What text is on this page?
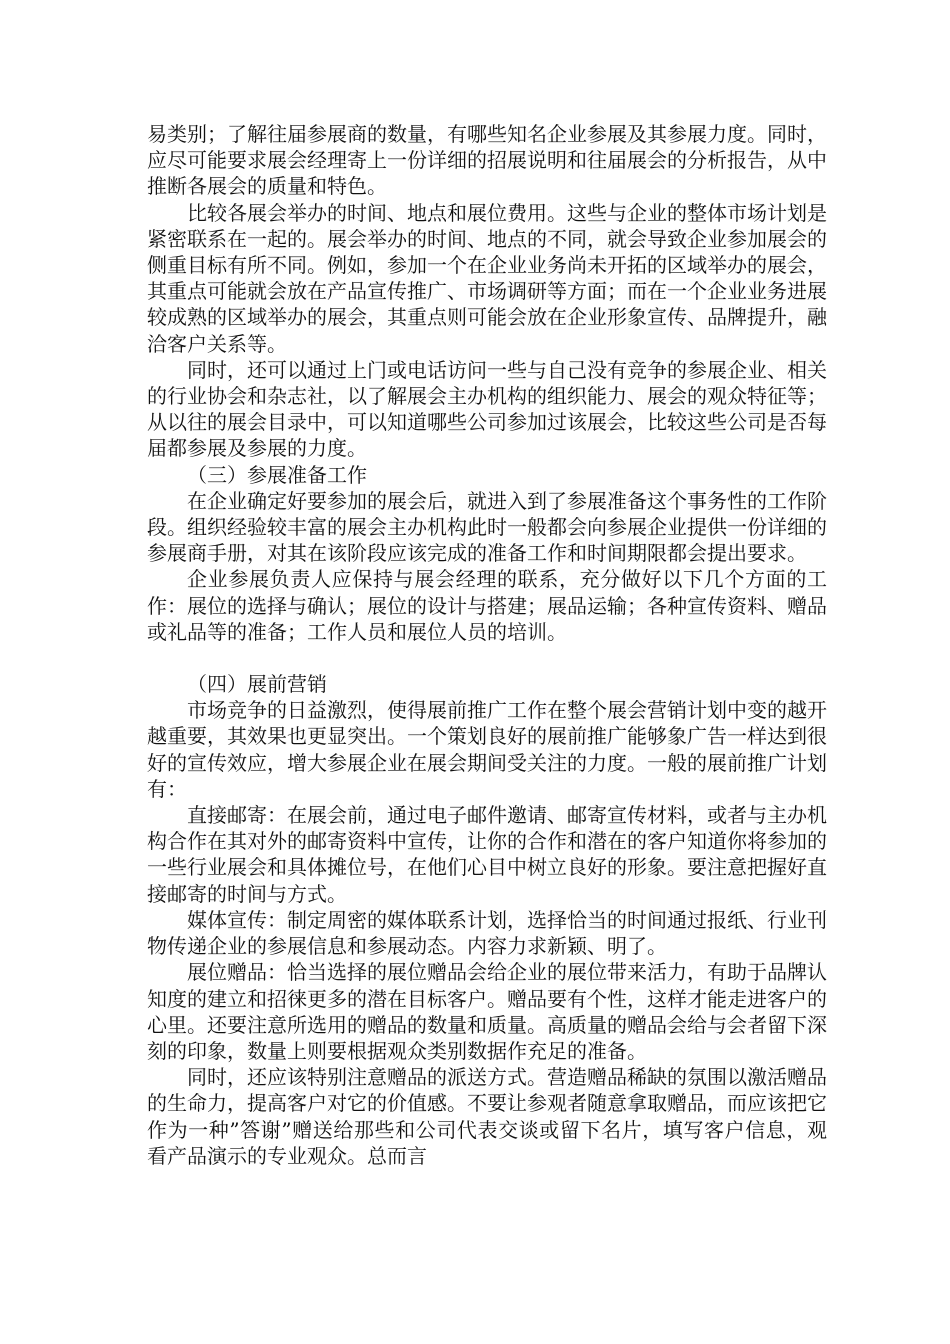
易类别；了解往届参展商的数量，有哪些知名企业参展及其参展力度。同时，应尽可能要求展会经理寄上一份详细的招展说明和往届展会的分析报告，从中推断各展会的质量和特色。

比较各展会举办的时间、地点和展位费用。这些与企业的整体市场计划是紧密联系在一起的。展会举办的时间、地点的不同，就会导致企业参加展会的侧重目标有所不同。例如，参加一个在企业业务尚未开拓的区域举办的展会，其重点可能就会放在产品宣传推广、市场调研等方面；而在一个企业业务进展较成熟的区域举办的展会，其重点则可能会放在企业形象宣传、品牌提升，融洽客户关系等。

同时，还可以通过上门或电话访问一些与自己没有竞争的参展企业、相关的行业协会和杂志社，以了解展会主办机构的组织能力、展会的观众特征等；从以往的展会目录中，可以知道哪些公司参加过该展会，比较这些公司是否每届都参展及参展的力度。

（三）参展准备工作

在企业确定好要参加的展会后，就进入到了参展准备这个事务性的工作阶段。组织经验较丰富的展会主办机构此时一般都会向参展企业提供一份详细的参展商手册，对其在该阶段应该完成的准备工作和时间期限都会提出要求。

企业参展负责人应保持与展会经理的联系，充分做好以下几个方面的工作：展位的选择与确认；展位的设计与搭建；展品运输；各种宣传资料、赠品或礼品等的准备；工作人员和展位人员的培训。

（四）展前营销

市场竞争的日益激烈，使得展前推广工作在整个展会营销计划中变的越开越重要，其效果也更显突出。一个策划良好的展前推广能够象广告一样达到很好的宣传效应，增大参展企业在展会期间受关注的力度。一般的展前推广计划有：

直接邮寄：在展会前，通过电子邮件邀请、邮寄宣传材料，或者与主办机构合作在其对外的邮寄资料中宣传，让你的合作和潜在的客户知道你将参加的一些行业展会和具体摊位号，在他们心目中树立良好的形象。要注意把握好直接邮寄的时间与方式。

媒体宣传：制定周密的媒体联系计划，选择恰当的时间通过报纸、行业刊物传递企业的参展信息和参展动态。内容力求新颖、明了。

展位赠品：恰当选择的展位赠品会给企业的展位带来活力，有助于品牌认知度的建立和招徕更多的潜在目标客户。赠品要有个性，这样才能走进客户的心里。还要注意所选用的赠品的数量和质量。高质量的赠品会给与会者留下深刻的印象，数量上则要根据观众类别数据作充足的准备。

同时，还应该特别注意赠品的派送方式。营造赠品稀缺的氛围以激活赠品的生命力，提高客户对它的价值感。不要让参观者随意拿取赠品，而应该把它作为一种”答谢”赠送给那些和公司代表交谈或留下名片，填写客户信息，观看产品演示的专业观众。总而言
